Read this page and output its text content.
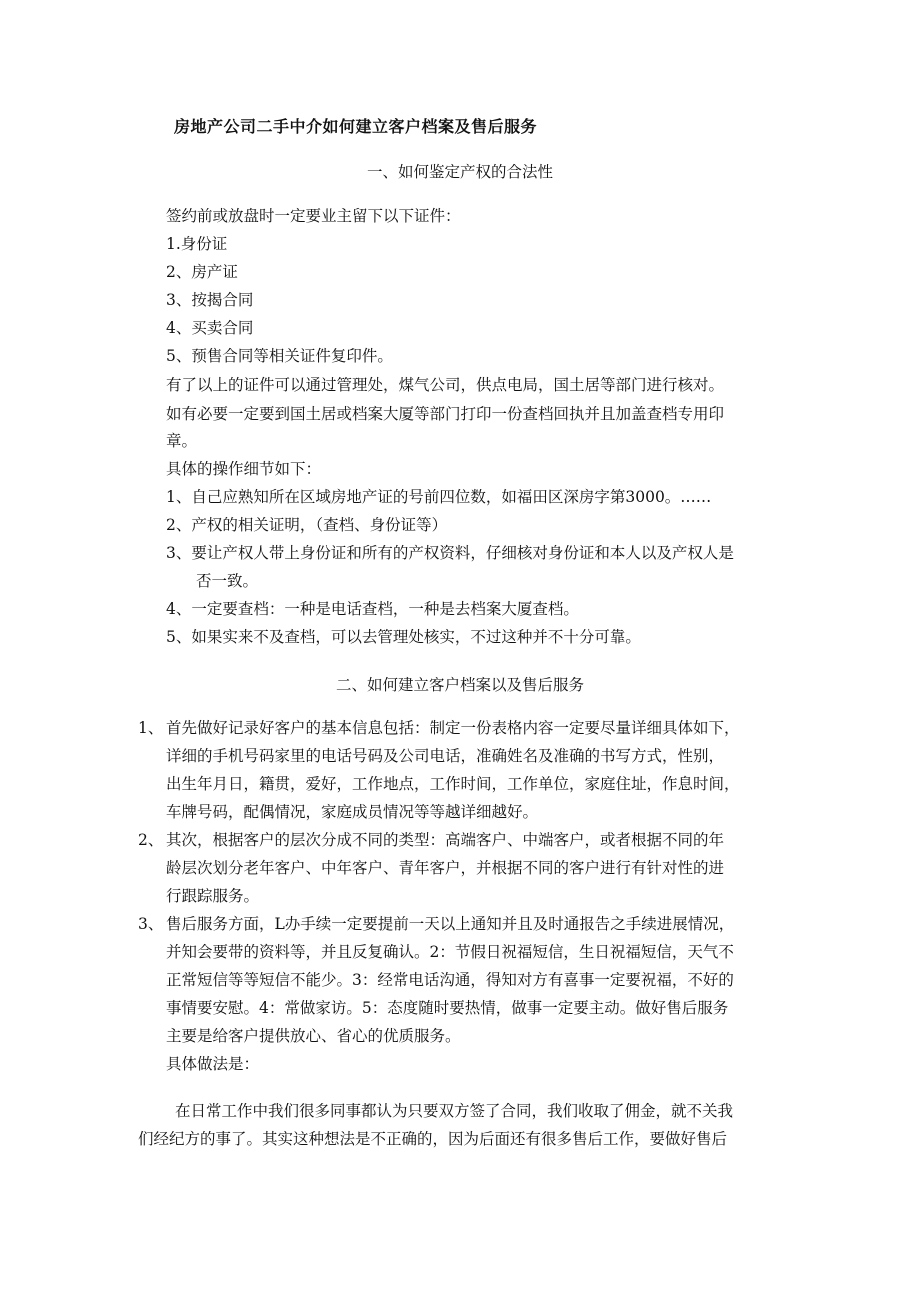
房地产公司二手中介如何建立客户档案及售后服务
一、如何鉴定产权的合法性
签约前或放盘时一定要业主留下以下证件：
1.身份证
2、房产证
3、按揭合同
4、买卖合同
5、预售合同等相关证件复印件。
有了以上的证件可以通过管理处，煤气公司，供点电局，国土居等部门进行核对。
如有必要一定要到国土居或档案大厦等部门打印一份查档回执并且加盖查档专用印
章。
具体的操作细节如下：
1、自己应熟知所在区域房地产证的号前四位数，如福田区深房字第3000。……
2、产权的相关证明，（查档、身份证等）
3、要让产权人带上身份证和所有的产权资料，仔细核对身份证和本人以及产权人是
否一致。
4、一定要查档：一种是电话查档，一种是去档案大厦查档。
5、如果实来不及查档，可以去管理处核实，不过这种并不十分可靠。
二、如何建立客户档案以及售后服务
1、 首先做好记录好客户的基本信息包括：制定一份表格内容一定要尽量详细具体如下，
详细的手机号码家里的电话号码及公司电话，准确姓名及准确的书写方式，性别，
出生年月日，籍贯，爱好，工作地点，工作时间，工作单位，家庭住址，作息时间，
车牌号码，配偶情况，家庭成员情况等等越详细越好。
2、 其次，根据客户的层次分成不同的类型：高端客户、中端客户，或者根据不同的年
龄层次划分老年客户、中年客户、青年客户，并根据不同的客户进行有针对性的进
行跟踪服务。
3、 售后服务方面，L办手续一定要提前一天以上通知并且及时通报告之手续进展情况，
并知会要带的资料等，并且反复确认。2：节假日祝福短信，生日祝福短信，天气不
正常短信等等短信不能少。3：经常电话沟通，得知对方有喜事一定要祝福，不好的
事情要安慰。4：常做家访。5：态度随时要热情，做事一定要主动。做好售后服务
主要是给客户提供放心、省心的优质服务。
具体做法是：
在日常工作中我们很多同事都认为只要双方签了合同，我们收取了佣金，就不关我
们经纪方的事了。其实这种想法是不正确的，因为后面还有很多售后工作，要做好售后
